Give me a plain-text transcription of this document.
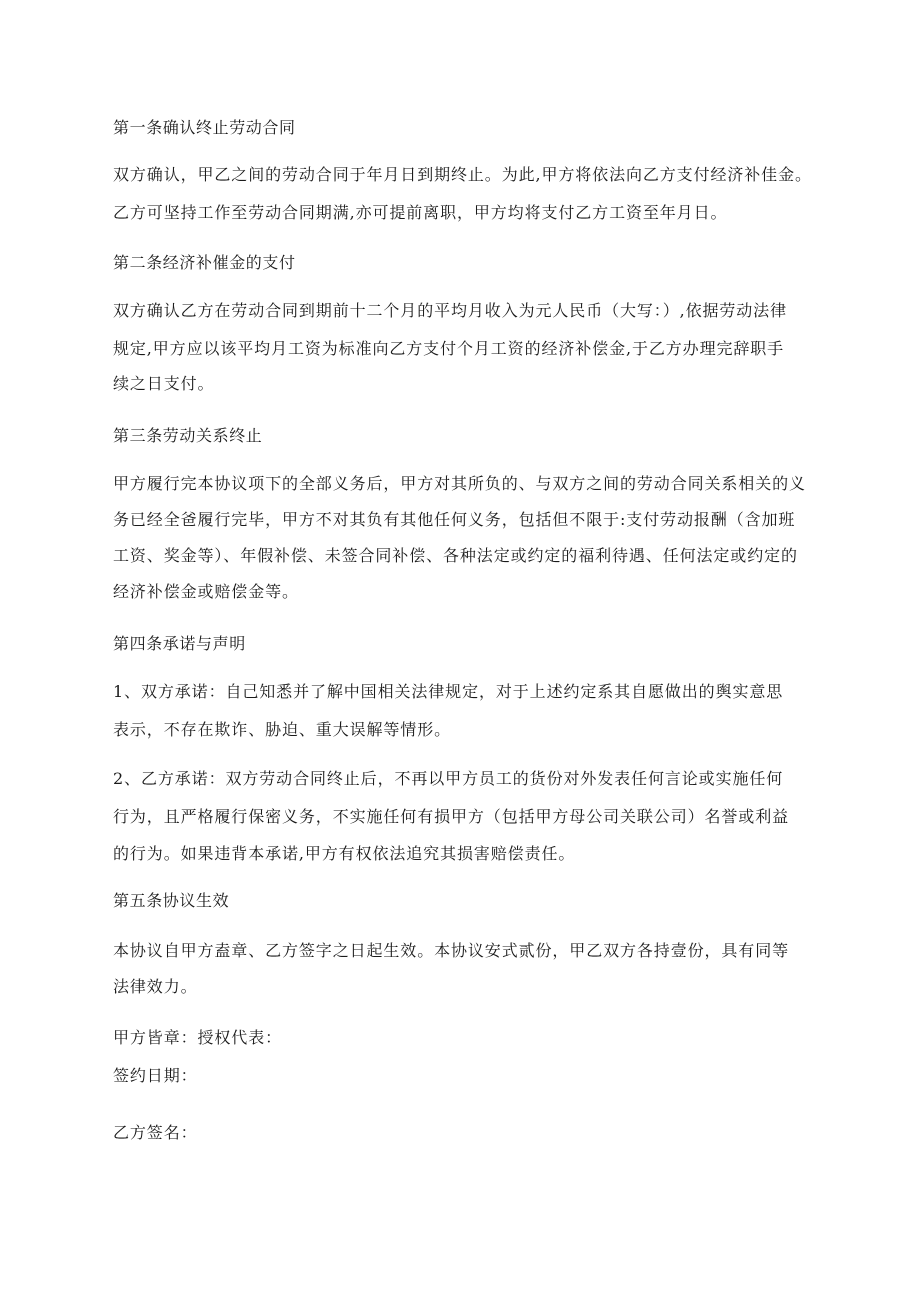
第一条确认终止劳动合同
双方确认，甲乙之间的劳动合同于年月日到期终止。为此,甲方将依法向乙方支付经济补佳金。
乙方可坚持工作至劳动合同期满,亦可提前离职，甲方均将支付乙方工资至年月日。
第二条经济补催金的支付
双方确认乙方在劳动合同到期前十二个月的平均月收入为元人民币（大写：）,依据劳动法律
规定,甲方应以该平均月工资为标准向乙方支付个月工资的经济补偿金,于乙方办理完辞职手
续之日支付。
第三条劳动关系终止
甲方履行完本协议项下的全部义务后，甲方对其所负的、与双方之间的劳动合同关系相关的义
务已经全爸履行完毕，甲方不对其负有其他任何义务，包括但不限于:支付劳动报酬（含加班
工资、奖金等）、年假补偿、未签合同补偿、各种法定或约定的福利待遇、任何法定或约定的
经济补偿金或赔偿金等。
第四条承诺与声明
1、双方承诺：自己知悉并了解中国相关法律规定，对于上述约定系其自愿做出的舆实意思
表示，不存在欺诈、胁迫、重大误解等情形。
2、乙方承诺：双方劳动合同终止后，不再以甲方员工的货份对外发表任何言论或实施任何
行为，且严格履行保密义务，不实施任何有损甲方（包括甲方母公司关联公司）名誉或利益
的行为。如果违背本承诺,甲方有权依法追究其损害赔偿责任。
第五条协议生效
本协议自甲方盍章、乙方签字之日起生效。本协议安式贰份，甲乙双方各持壹份，具有同等
法律效力。
甲方皆章：授权代表：
签约日期：
乙方签名：
